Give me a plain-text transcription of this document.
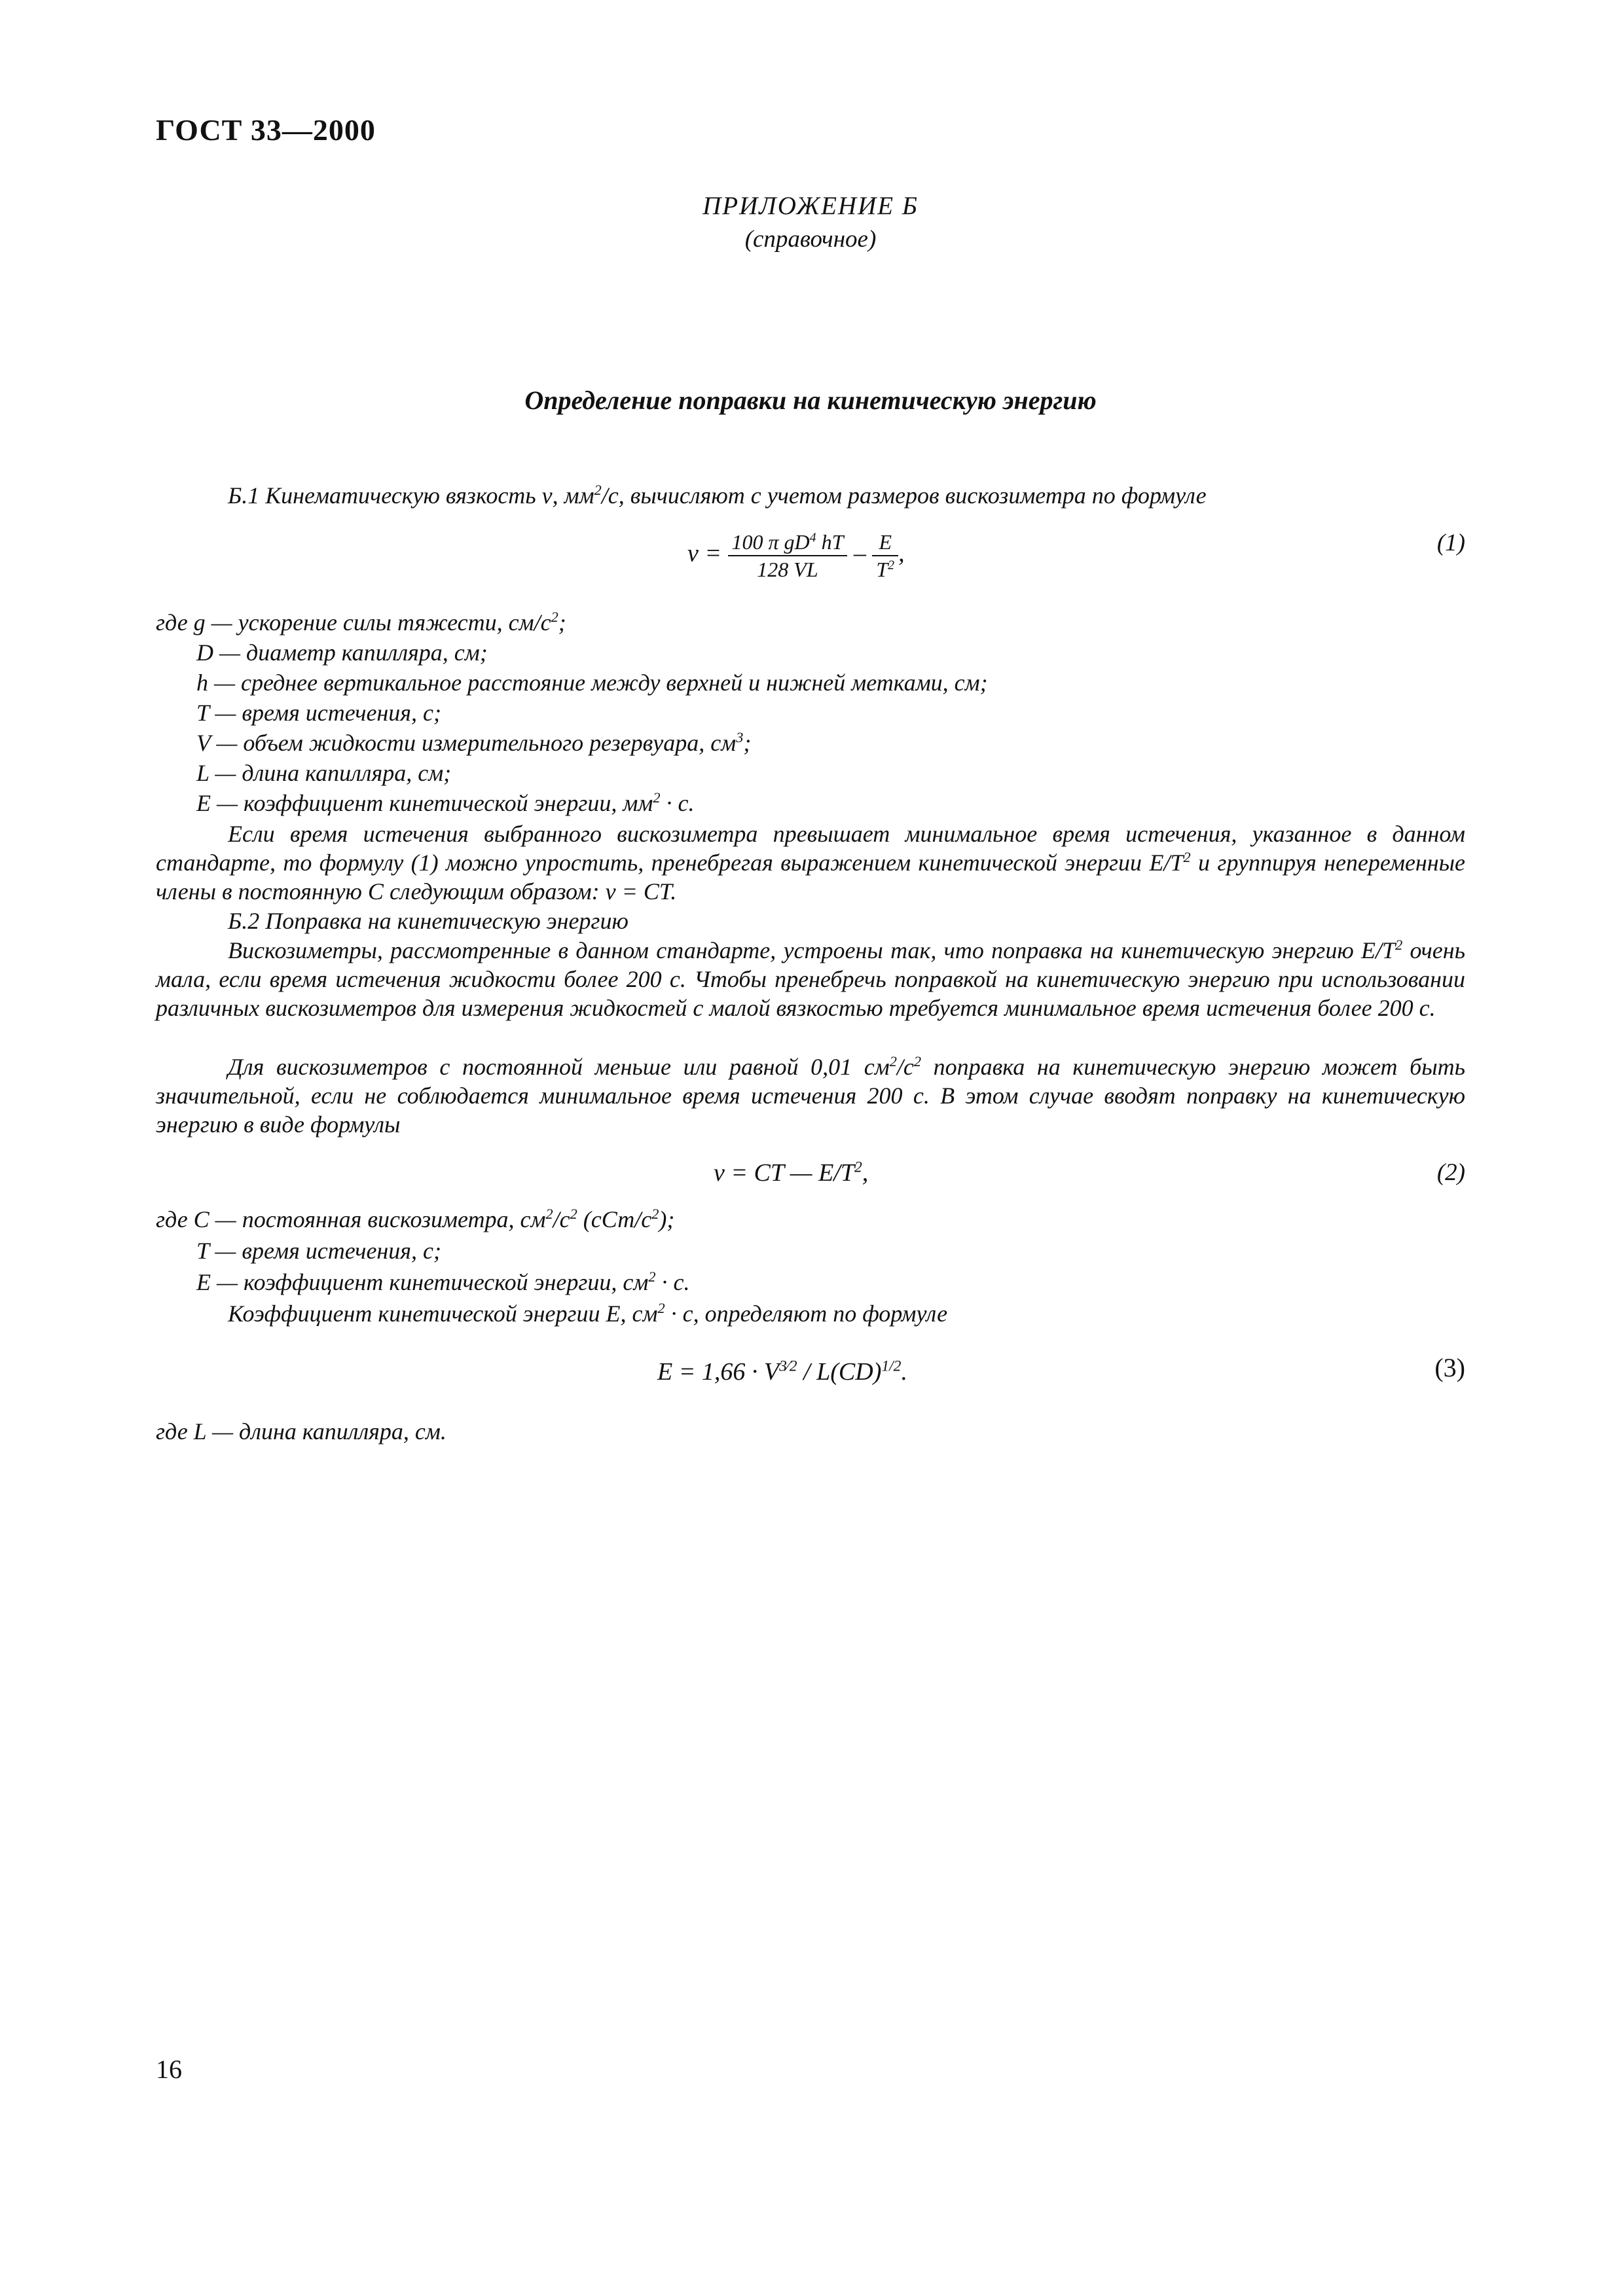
ГОСТ 33—2000
ПРИЛОЖЕНИЕ Б
(справочное)
Определение поправки на кинетическую энергию
Б.1 Кинематическую вязкость ν, $мм^2/с$, вычисляют с учетом размеров вискозиметра по формуле
$\nu = \frac{100 \pi gD^4 hT}{128 VL} - \frac{E}{T^2}$ ,	(1)
где g — ускорение силы тяжести, $см/с^2$;
D — диаметр капилляра, см;
h — среднее вертикальное расстояние между верхней и нижней метками, см;
T — время истечения, с;
V — объем жидкости измерительного резервуара, $см^3$;
L — длина капилляра, см;
E — коэффициент кинетической энергии, $мм^2 \cdot с$.
Если время истечения выбранного вискозиметра превышает минимальное время истечения, указанное в данном стандарте, то формулу (1) можно упростить, пренебрегая выражением кинетической энергии $E/T^2$ и группируя непеременные члены в постоянную C следующим образом: ν = CT.
Б.2 Поправка на кинетическую энергию
Вискозиметры, рассмотренные в данном стандарте, устроены так, что поправка на кинетическую энергию $E/T^2$ очень мала, если время истечения жидкости более 200 с. Чтобы пренебречь поправкой на кинетическую энергию при использовании различных вискозиметров для измерения жидкостей с малой вязкостью требуется минимальное время истечения более 200 с.
Для вискозиметров с постоянной меньше или равной 0,01 $см^2/с^2$ поправка на кинетическую энергию может быть значительной, если не соблюдается минимальное время истечения 200 с. В этом случае вводят поправку на кинетическую энергию в виде формулы
ν = CT — $E/T^2$,	(2)
где C — постоянная вискозиметра, $см^2/с^2$ $(сСт/с^2)$;
T — время истечения, с;
E — коэффициент кинетической энергии, $см^2 \cdot с$.
Коэффициент кинетической энергии E, $см^2 \cdot с$, определяют по формуле
$E = 1,66 \cdot V^{3⁄2} / L(CD)^{1/2}$.	(3)
где L — длина капилляра, см.
16
